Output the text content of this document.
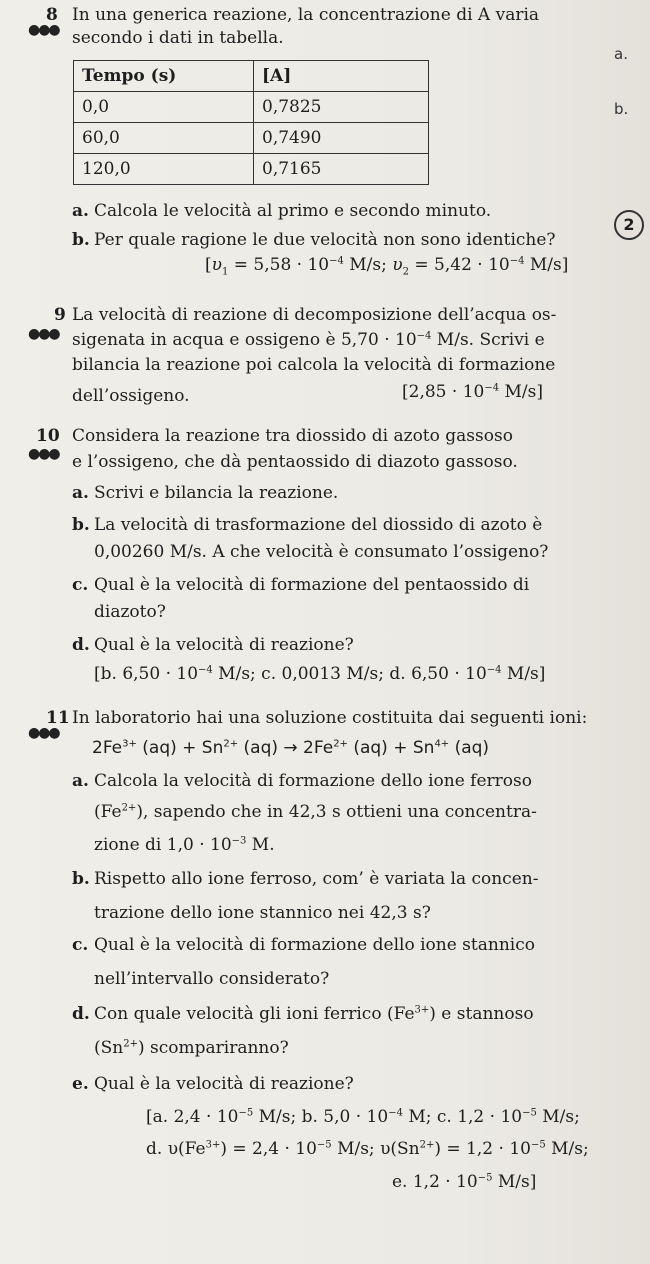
a.
b.
2
8
●●●
In una generica reazione, la concentrazione di A varia
secondo i dati in tabella.
Tempo (s)	[A]
0,0	0,7825
60,0	0,7490
120,0	0,7165
a. Calcola le velocità al primo e secondo minuto.
b. Per quale ragione le due velocità non sono identiche?
[$\upsilon_1 = 5,58 \cdot 10^{-4}$ M/s; $\upsilon_2 = 5,42 \cdot 10^{-4}$ M/s]
9
●●●
La velocità di reazione di decomposizione dell’acqua os-
sigenata in acqua e ossigeno è $5,70 \cdot 10^{-4}$ M/s. Scrivi e
bilancia la reazione poi calcola la velocità di formazione
dell’ossigeno.	[$2,85 \cdot 10^{-4}$ M/s]
10
●●●
Considera la reazione tra diossido di azoto gassoso
e l’ossigeno, che dà pentaossido di diazoto gassoso.
a. Scrivi e bilancia la reazione.
b. La velocità di trasformazione del diossido di azoto è
0,00260 M/s. A che velocità è consumato l’ossigeno?
c. Qual è la velocità di formazione del pentaossido di
diazoto?
d. Qual è la velocità di reazione?
[b. $6,50 \cdot 10^{-4}$ M/s; c. 0,0013 M/s; d. $6,50 \cdot 10^{-4}$ M/s]
11
●●●
In laboratorio hai una soluzione costituita dai seguenti ioni:
$2Fe^{3+}$ $(aq) + Sn^{2+}$ $(aq) \to 2Fe^{2+}$ $(aq) + Sn^{4+}$ (aq)
a. Calcola la velocità di formazione dello ione ferroso
$(Fe^{2+})$, sapendo che in 42,3 s ottieni una concentra-
zione di $1,0 \cdot 10^{-3}$ M.
b. Rispetto allo ione ferroso, com’ è variata la concen-
trazione dello ione stannico nei 42,3 s?
c. Qual è la velocità di formazione dello ione stannico
nell’intervallo considerato?
d. Con quale velocità gli ioni ferrico $(Fe^{3+})$ e stannoso
$(Sn^{2+})$ scompariranno?
e. Qual è la velocità di reazione?
[a. $2,4 \cdot 10^{-5}$ M/s; b. $5,0 \cdot 10^{-4}$ M; c. $1,2 \cdot 10^{-5}$ M/s;
d. $\upsilon(Fe^{3+}) = 2,4 \cdot 10^{-5}$ M/s; $\upsilon(Sn^{2+}) = 1,2 \cdot 10^{-5}$ M/s;
e. $1,2 \cdot 10^{-5}$ M/s]
